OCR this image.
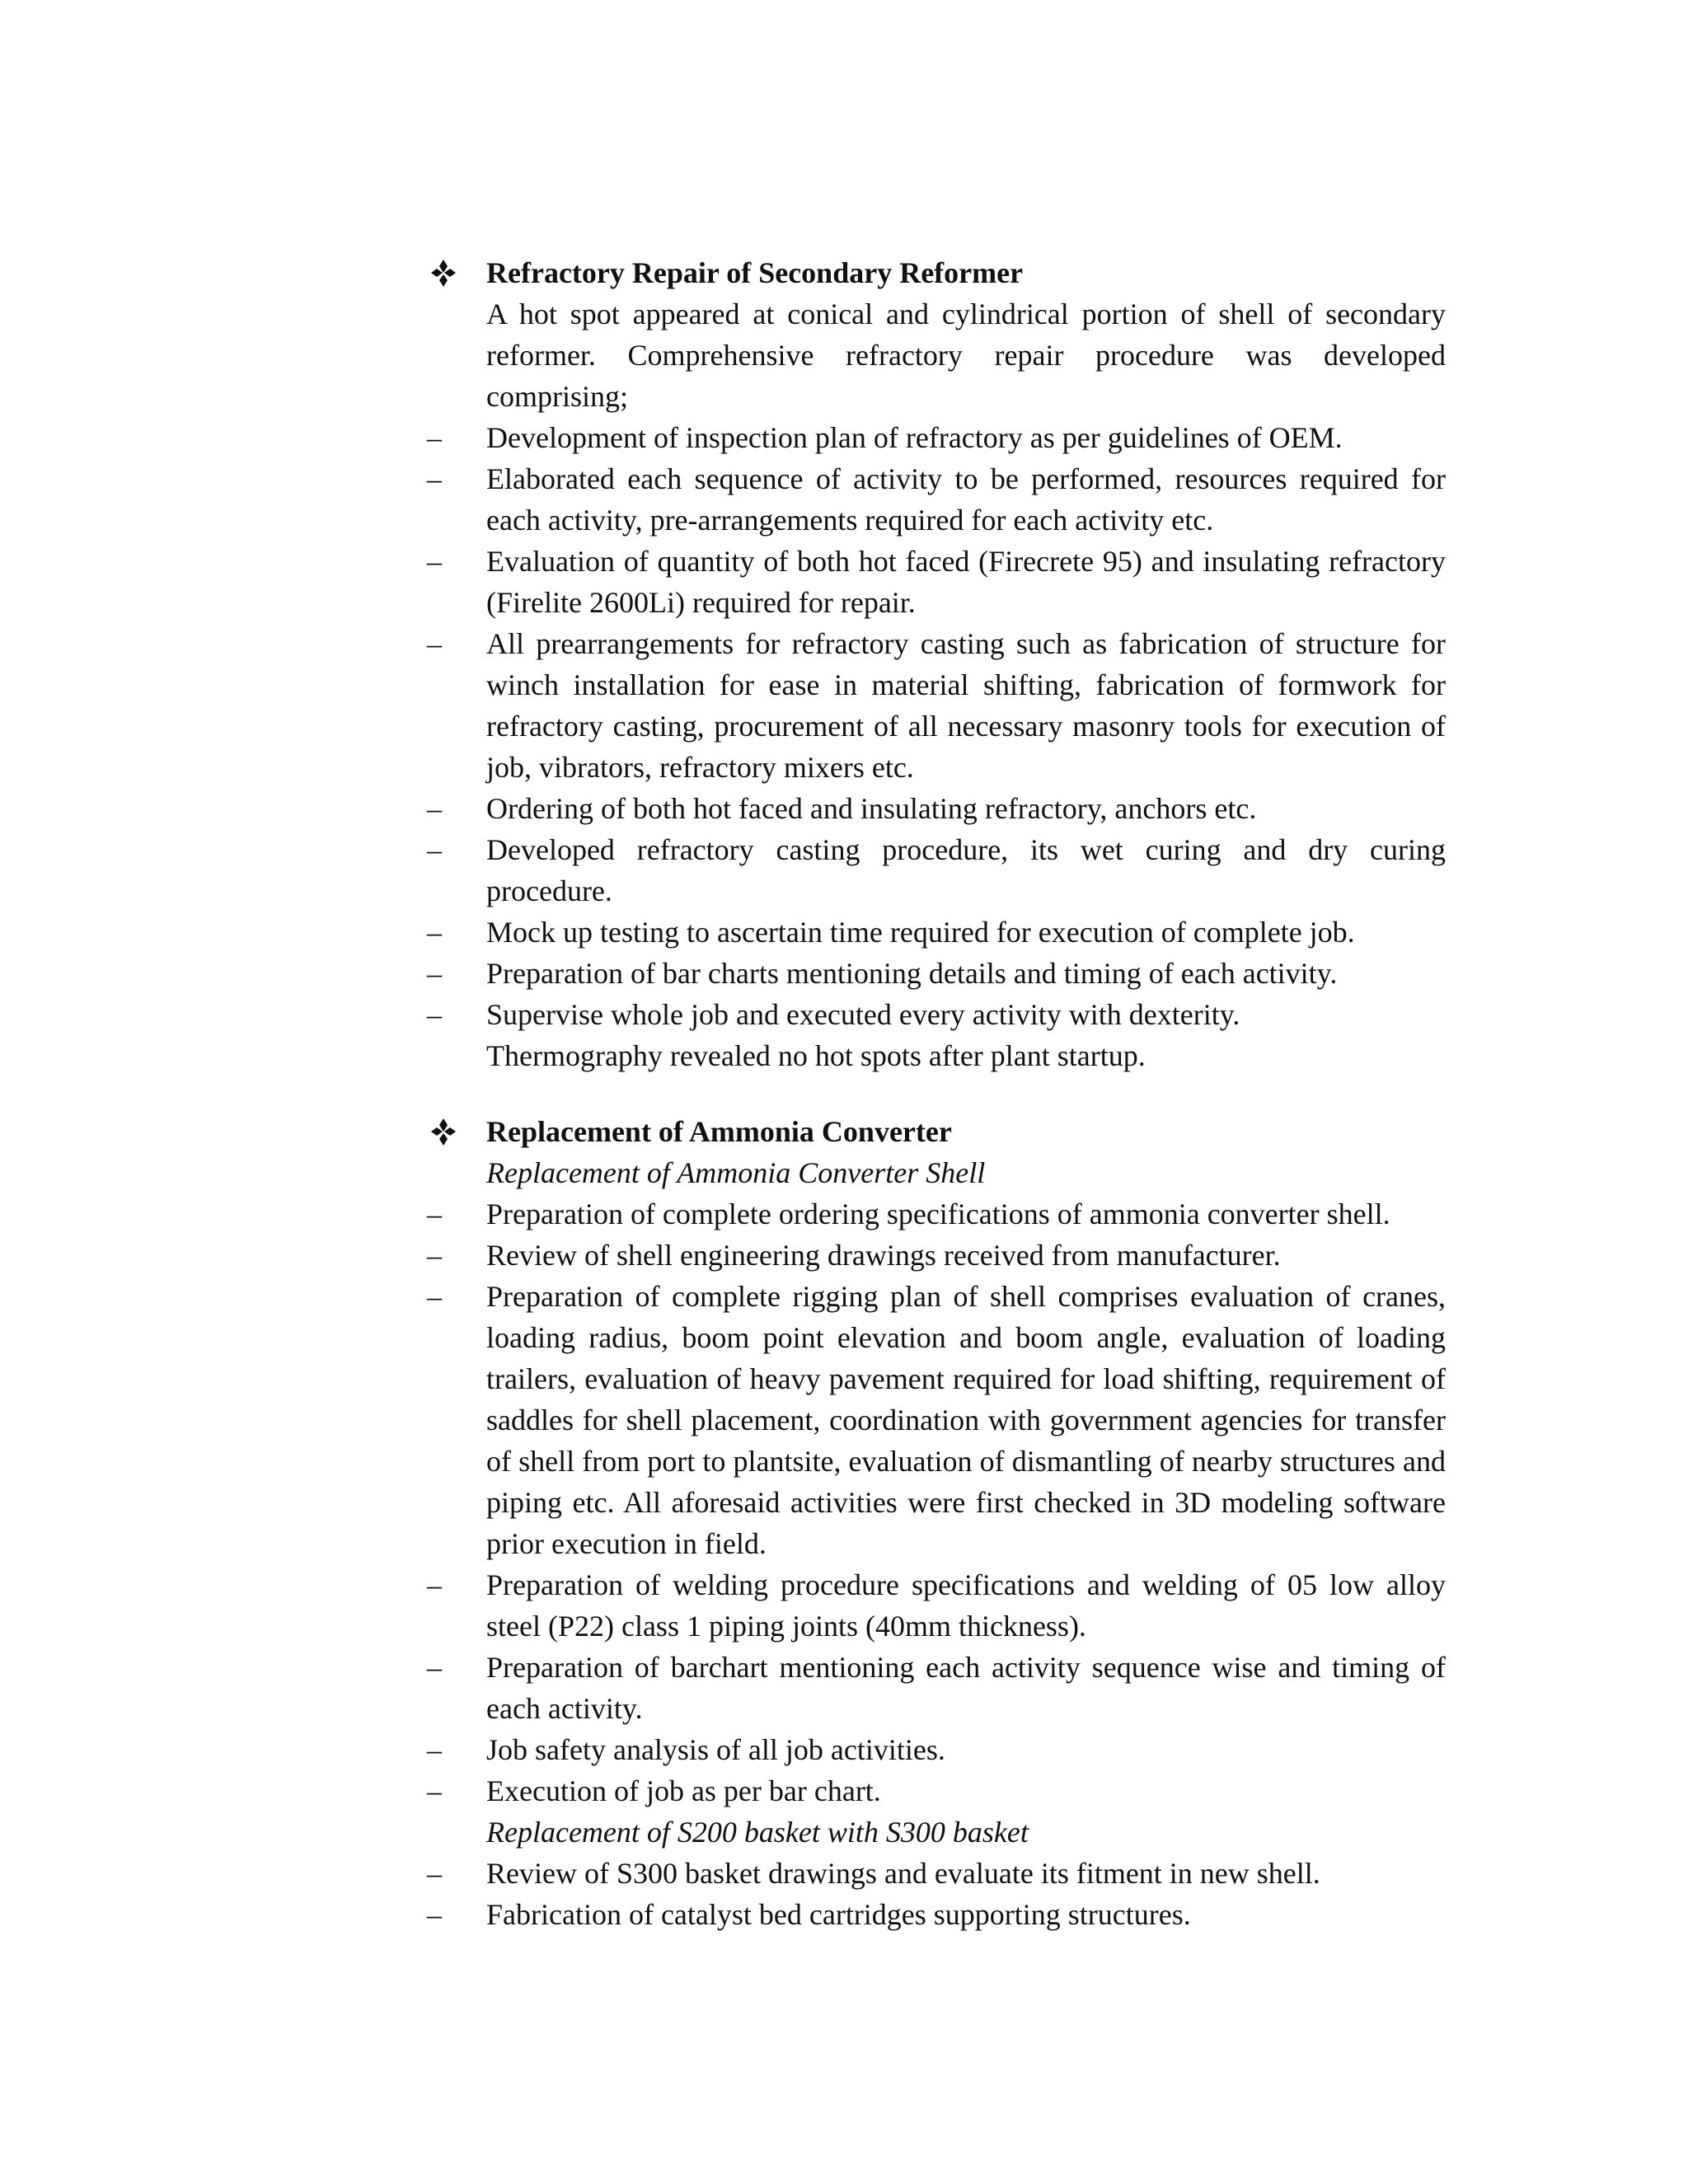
Refractory Repair of Secondary Reformer
A hot spot appeared at conical and cylindrical portion of shell of secondary reformer. Comprehensive refractory repair procedure was developed comprising;
–	Development of inspection plan of refractory as per guidelines of OEM.
–	Elaborated each sequence of activity to be performed, resources required for each activity, pre-arrangements required for each activity etc.
–	Evaluation of quantity of both hot faced (Firecrete 95) and insulating refractory (Firelite 2600Li) required for repair.
–	All prearrangements for refractory casting such as fabrication of structure for winch installation for ease in material shifting, fabrication of formwork for refractory casting, procurement of all necessary masonry tools for execution of job, vibrators, refractory mixers etc.
–	Ordering of both hot faced and insulating refractory, anchors etc.
–	Developed refractory casting procedure, its wet curing and dry curing procedure.
–	Mock up testing to ascertain time required for execution of complete job.
–	Preparation of bar charts mentioning details and timing of each activity.
–	Supervise whole job and executed every activity with dexterity.
Thermography revealed no hot spots after plant startup.
Replacement of Ammonia Converter
Replacement of Ammonia Converter Shell
–	Preparation of complete ordering specifications of ammonia converter shell.
–	Review of shell engineering drawings received from manufacturer.
–	Preparation of complete rigging plan of shell comprises evaluation of cranes, loading radius, boom point elevation and boom angle, evaluation of loading trailers, evaluation of heavy pavement required for load shifting, requirement of saddles for shell placement, coordination with government agencies for transfer of shell from port to plantsite, evaluation of dismantling of nearby structures and piping etc. All aforesaid activities were first checked in 3D modeling software prior execution in field.
–	Preparation of welding procedure specifications and welding of 05 low alloy steel (P22) class 1 piping joints (40mm thickness).
–	Preparation of barchart mentioning each activity sequence wise and timing of each activity.
–	Job safety analysis of all job activities.
–	Execution of job as per bar chart.
Replacement of S200 basket with S300 basket
–	Review of S300 basket drawings and evaluate its fitment in new shell.
–	Fabrication of catalyst bed cartridges supporting structures.
